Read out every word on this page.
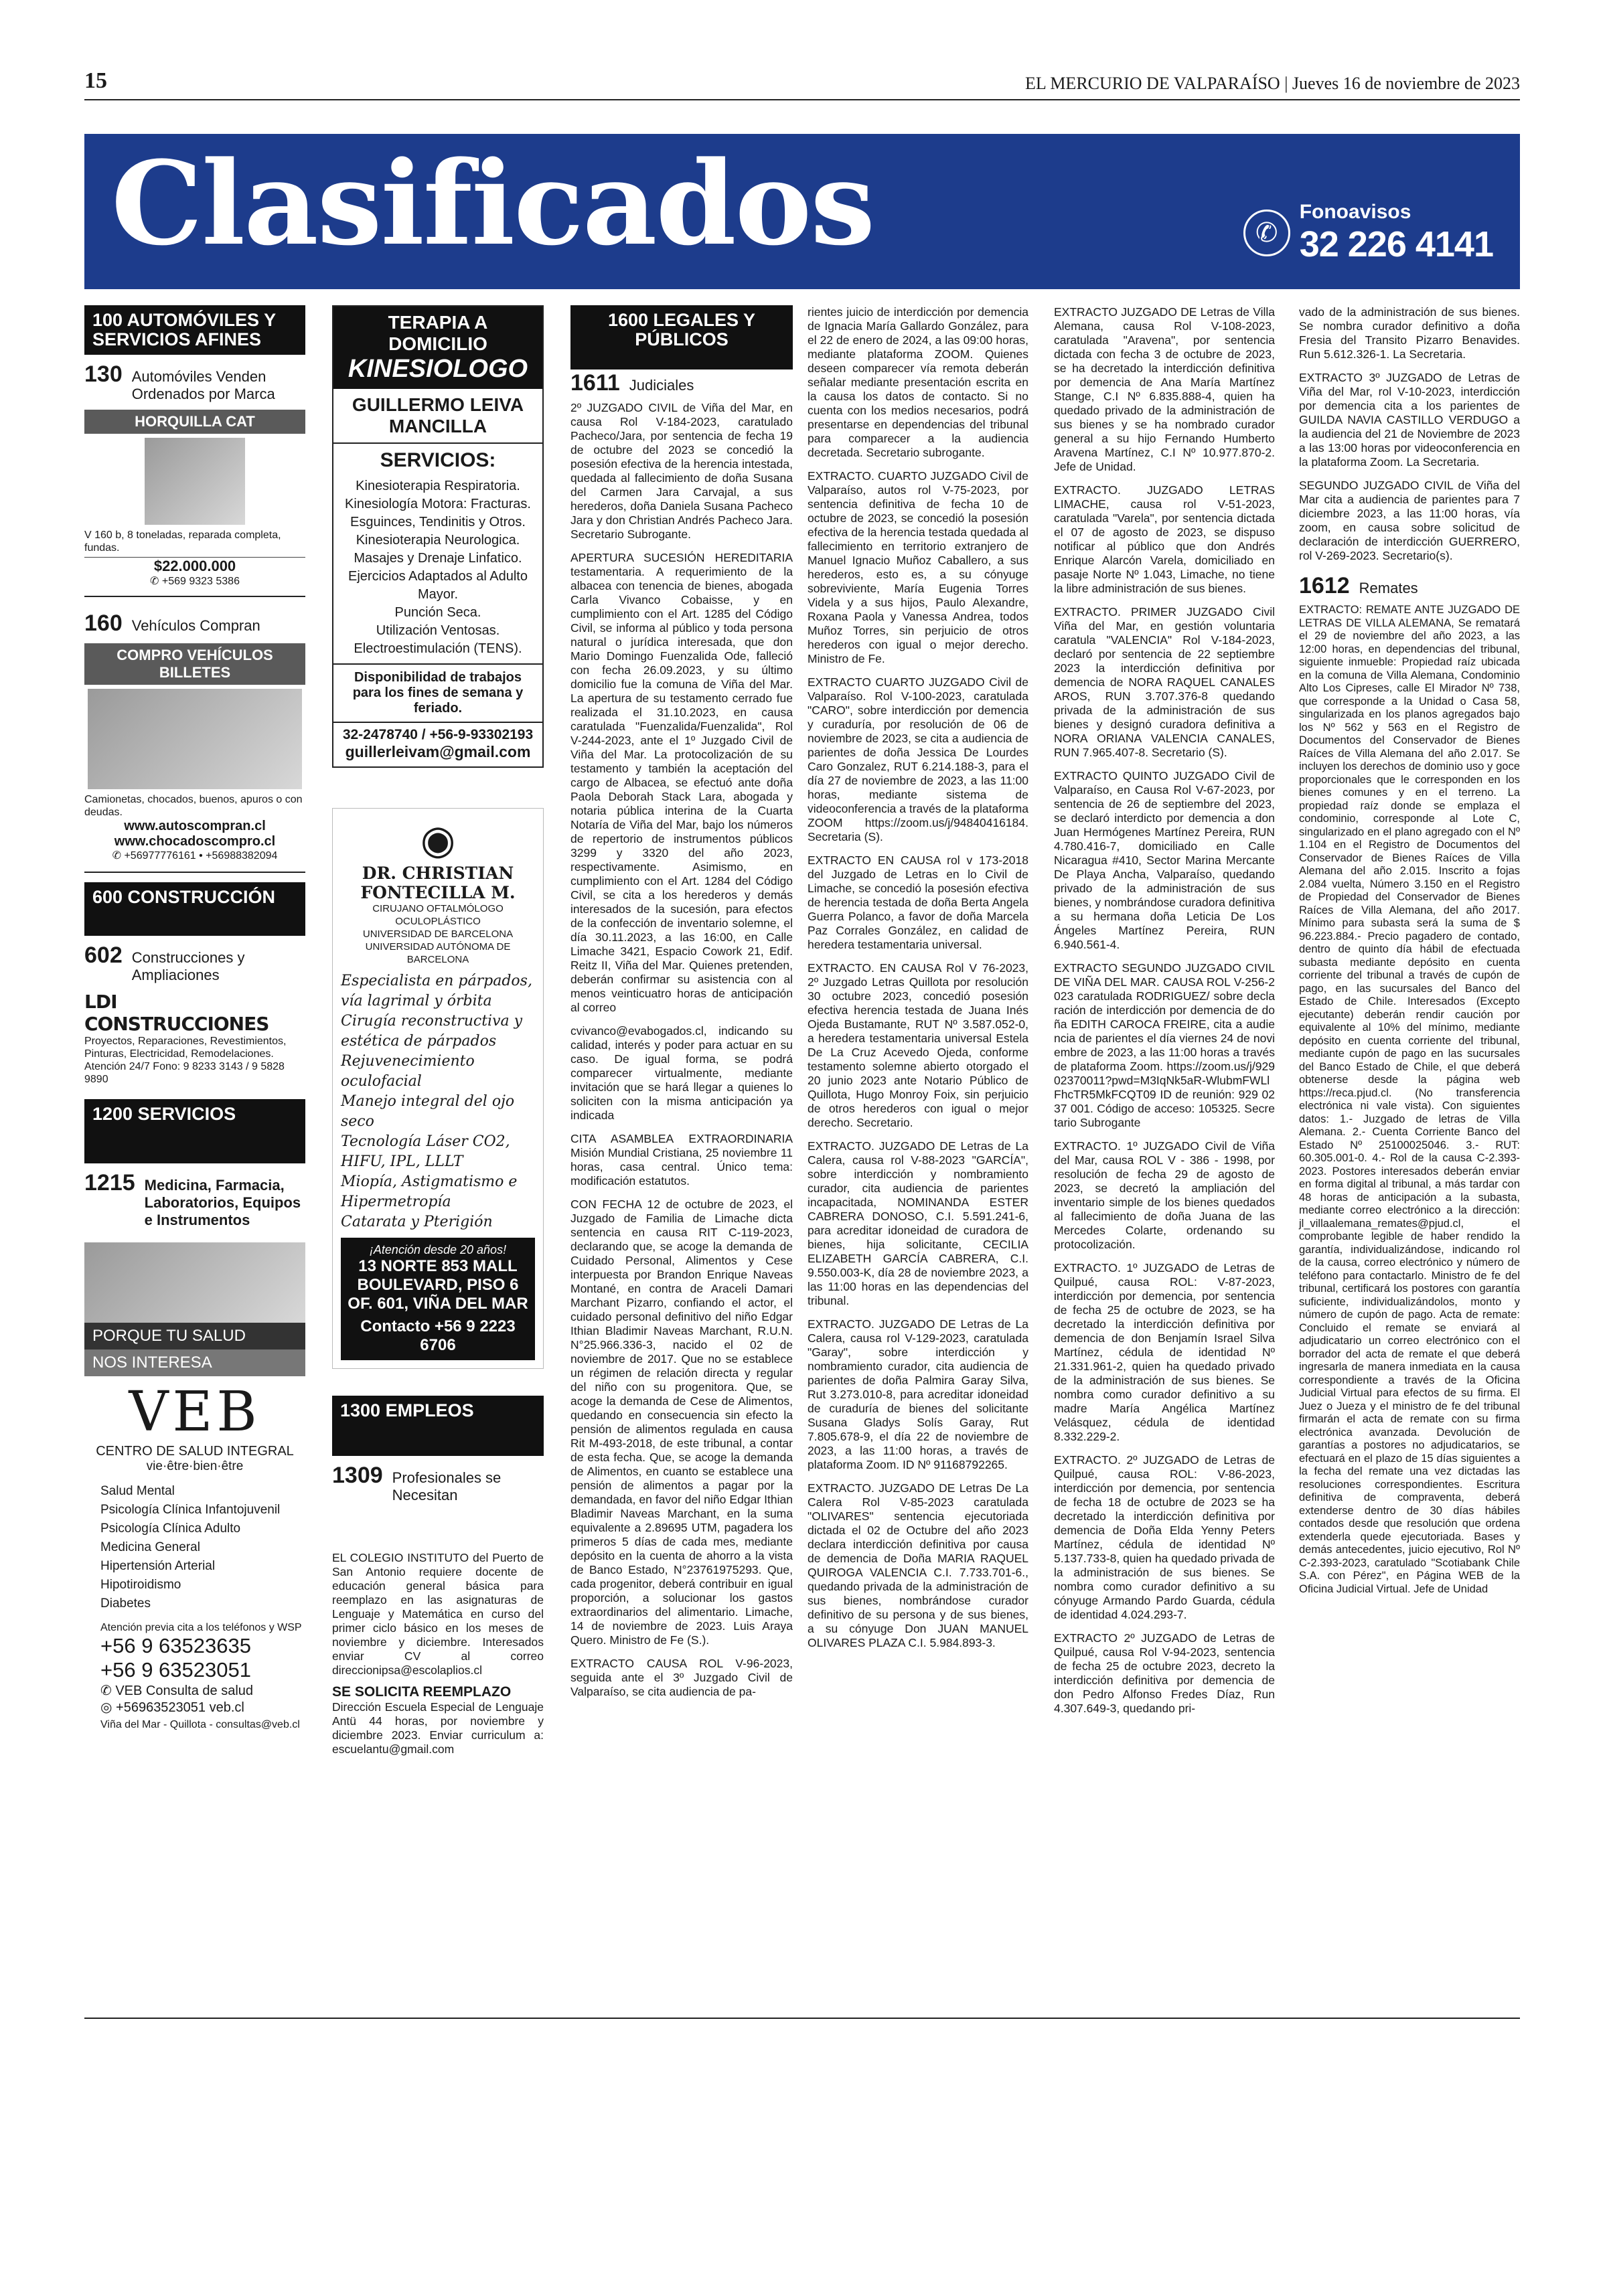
15	EL MERCURIO DE VALPARAÍSO | Jueves 16 de noviembre de 2023
Clasificados	✆
Fonoavisos
32 226 4141
100 AUTOMÓVILES Y SERVICIOS AFINES
130 Automóviles Venden Ordenados por Marca
HORQUILLA CAT
V 160 b, 8 toneladas, reparada completa, fundas.
$22.000.000
✆ +569 9323 5386
160 Vehículos Compran
COMPRO VEHÍCULOS BILLETES
Camionetas, chocados, buenos, apuros o con deudas.
www.autoscompran.cl
www.chocadoscompro.cl
✆ +56977776161 • +56988382094
600 CONSTRUCCIÓN
602 Construcciones y Ampliaciones
LDI CONSTRUCCIONES
Proyectos, Reparaciones, Revestimientos, Pinturas, Electricidad, Remodelaciones. Atención 24/7 Fono: 9 8233 3143 / 9 5828 9890
1200 SERVICIOS
1215 Medicina, Farmacia, Laboratorios, Equipos e Instrumentos
PORQUE TU SALUD
NOS INTERESA
VEB
CENTRO DE SALUD INTEGRAL
vie·être·bien·être
Salud Mental
Psicología Clínica Infantojuvenil
Psicología Clínica Adulto
Medicina General
Hipertensión Arterial
Hipotiroidismo
Diabetes
Atención previa cita a los teléfonos y WSP
+56 9 63523635
+56 9 63523051
✆ VEB Consulta de salud
◎ +56963523051 veb.cl
Viña del Mar - Quillota - consultas@veb.cl
TERAPIA A DOMICILIO
KINESIOLOGO
GUILLERMO LEIVA MANCILLA
SERVICIOS:
Kinesioterapia Respiratoria.
Kinesiología Motora: Fracturas.
Esguinces, Tendinitis y Otros.
Kinesioterapia Neurologica.
Masajes y Drenaje Linfatico.
Ejercicios Adaptados al Adulto Mayor.
Punción Seca.
Utilización Ventosas.
Electroestimulación (TENS).
Disponibilidad de trabajos para los fines de semana y feriado.
32-2478740 / +56-9-93302193
guillerleivam@gmail.com
◉
DR. CHRISTIAN FONTECILLA M.
CIRUJANO OFTALMÓLOGO OCULOPLÁSTICO
UNIVERSIDAD DE BARCELONA
UNIVERSIDAD AUTÓNOMA DE BARCELONA
Especialista en párpados, vía lagrimal y órbita
Cirugía reconstructiva y estética de párpados
Rejuvenecimiento oculofacial
Manejo integral del ojo seco
Tecnología Láser CO2, HIFU, IPL, LLLT
Miopía, Astigmatismo e Hipermetropía
Catarata y Pterigión
¡Atención desde 20 años!
13 NORTE 853 MALL BOULEVARD, PISO 6 OF. 601, VIÑA DEL MAR
Contacto +56 9 2223 6706
1300 EMPLEOS
1309 Profesionales se Necesitan
EL COLEGIO INSTITUTO del Puerto de San Antonio requiere docente de educación general básica para reemplazo en las asignaturas de Lenguaje y Matemática en curso del primer ciclo básico en los meses de noviembre y diciembre. Interesados enviar CV al correo direccionipsa@escolaplios.cl
SE SOLICITA REEMPLAZO
Dirección Escuela Especial de Lenguaje Antü 44 horas, por noviembre y diciembre 2023. Enviar curriculum a: escuelantu@gmail.com
1600 LEGALES Y PÚBLICOS
1611 Judiciales

2º JUZGADO CIVIL de Viña del Mar, en causa Rol V-184-2023, caratulado Pacheco/Jara, por sentencia de fecha 19 de octubre del 2023 se concedió la posesión efectiva de la herencia intestada, quedada al fallecimiento de doña Susana del Carmen Jara Carvajal, a sus herederos, doña Daniela Susana Pacheco Jara y don Christian Andrés Pacheco Jara. Secretario Subrogante.

APERTURA SUCESIÓN HEREDITARIA testamentaria. A requerimiento de la albacea con tenencia de bienes, abogada Carla Vivanco Cobaisse, y en cumplimiento con el Art. 1285 del Código Civil, se informa al público y toda persona natural o jurídica interesada, que don Mario Domingo Fuenzalida Ode, falleció con fecha 26.09.2023, y su último domicilio fue la comuna de Viña del Mar. La apertura de su testamento cerrado fue realizada el 31.10.2023, en causa caratulada "Fuenzalida/Fuenzalida", Rol V-244-2023, ante el 1º Juzgado Civil de Viña del Mar. La protocolización de su testamento y también la aceptación del cargo de Albacea, se efectuó ante doña Paola Deborah Stack Lara, abogada y notaria pública interina de la Cuarta Notaría de Viña del Mar, bajo los números de repertorio de instrumentos públicos 3299 y 3320 del año 2023, respectivamente. Asimismo, en cumplimiento con el Art. 1284 del Código Civil, se cita a los herederos y demás interesados de la sucesión, para efectos de la confección de inventario solemne, el día 30.11.2023, a las 16:00, en Calle Limache 3421, Espacio Cowork 21, Edif. Reitz II, Viña del Mar. Quienes pretenden, deberán confirmar su asistencia con al menos veinticuatro horas de anticipación al correo

cvivanco@evabogados.cl, indicando su calidad, interés y poder para actuar en su caso. De igual forma, se podrá comparecer virtualmente, mediante invitación que se hará llegar a quienes lo soliciten con la misma anticipación ya indicada

CITA ASAMBLEA EXTRAORDINARIA Misión Mundial Cristiana, 25 noviembre 11 horas, casa central. Único tema: modificación estatutos.

CON FECHA 12 de octubre de 2023, el Juzgado de Familia de Limache dicta sentencia en causa RIT C-119-2023, declarando que, se acoge la demanda de Cuidado Personal, Alimentos y Cese interpuesta por Brandon Enrique Naveas Montané, en contra de Araceli Damari Marchant Pizarro, confiando el actor, el cuidado personal definitivo del niño Edgar Ithian Bladimir Naveas Marchant, R.U.N. N°25.966.336-3, nacido el 02 de noviembre de 2017. Que no se establece un régimen de relación directa y regular del niño con su progenitora. Que, se acoge la demanda de Cese de Alimentos, quedando en consecuencia sin efecto la pensión de alimentos regulada en causa Rit M-493-2018, de este tribunal, a contar de esta fecha. Que, se acoge la demanda de Alimentos, en cuanto se establece una pensión de alimentos a pagar por la demandada, en favor del niño Edgar Ithian Bladimir Naveas Marchant, en la suma equivalente a 2.89695 UTM, pagadera los primeros 5 días de cada mes, mediante depósito en la cuenta de ahorro a la vista de Banco Estado, N°23761975293. Que, cada progenitor, deberá contribuir en igual proporción, a solucionar los gastos extraordinarios del alimentario. Limache, 14 de noviembre de 2023. Luis Araya Quero. Ministro de Fe (S.).

EXTRACTO CAUSA ROL V-96-2023, seguida ante el 3º Juzgado Civil de Valparaíso, se cita audiencia de pa-

rientes juicio de interdicción por demencia de Ignacia María Gallardo González, para el 22 de enero de 2024, a las 09:00 horas, mediante plataforma ZOOM. Quienes deseen comparecer vía remota deberán señalar mediante presentación escrita en la causa los datos de contacto. Si no cuenta con los medios necesarios, podrá presentarse en dependencias del tribunal para comparecer a la audiencia decretada. Secretario subrogante.

EXTRACTO. CUARTO JUZGADO Civil de Valparaíso, autos rol V-75-2023, por sentencia definitiva de fecha 10 de octubre de 2023, se concedió la posesión efectiva de la herencia testada quedada al fallecimiento en territorio extranjero de Manuel Ignacio Muñoz Caballero, a sus herederos, esto es, a su cónyuge sobreviviente, María Eugenia Torres Videla y a sus hijos, Paulo Alexandre, Roxana Paola y Vanessa Andrea, todos Muñoz Torres, sin perjuicio de otros herederos con igual o mejor derecho. Ministro de Fe.

EXTRACTO CUARTO JUZGADO Civil de Valparaíso. Rol V-100-2023, caratulada "CARO", sobre interdicción por demencia y curaduría, por resolución de 06 de noviembre de 2023, se cita a audiencia de parientes de doña Jessica De Lourdes Caro Gonzalez, RUT 6.214.188-3, para el día 27 de noviembre de 2023, a las 11:00 horas, mediante sistema de videoconferencia a través de la plataforma ZOOM https://zoom.us/j/94840416184. Secretaria (S).

EXTRACTO EN CAUSA rol v 173-2018 del Juzgado de Letras en lo Civil de Limache, se concedió la posesión efectiva de herencia testada de doña Berta Angela Guerra Polanco, a favor de doña Marcela Paz Corrales González, en calidad de heredera testamentaria universal.

EXTRACTO. EN CAUSA Rol V 76-2023, 2º Juzgado Letras Quillota por resolución 30 octubre 2023, concedió posesión efectiva herencia testada de Juana Inés Ojeda Bustamante, RUT Nº 3.587.052-0, a heredera testamentaria universal Estela De La Cruz Acevedo Ojeda, conforme testamento solemne abierto otorgado el 20 junio 2023 ante Notario Público de Quillota, Hugo Monroy Foix, sin perjuicio de otros herederos con igual o mejor derecho. Secretario.

EXTRACTO. JUZGADO DE Letras de La Calera, causa rol V-88-2023 "GARCÍA", sobre interdicción y nombramiento curador, cita audiencia de parientes incapacitada, NOMINANDA ESTER CABRERA DONOSO, C.I. 5.591.241-6, para acreditar idoneidad de curadora de bienes, hija solicitante, CECILIA ELIZABETH GARCÍA CABRERA, C.I. 9.550.003-K, día 28 de noviembre 2023, a las 11:00 horas en las dependencias del tribunal.

EXTRACTO. JUZGADO DE Letras de La Calera, causa rol V-129-2023, caratulada "Garay", sobre interdicción y nombramiento curador, cita audiencia de parientes de doña Palmira Garay Silva, Rut 3.273.010-8, para acreditar idoneidad de curaduría de bienes del solicitante Susana Gladys Solís Garay, Rut 7.805.678-9, el día 22 de noviembre de 2023, a las 11:00 horas, a través de plataforma Zoom. ID Nº 91168792265.

EXTRACTO. JUZGADO DE Letras De La Calera Rol V-85-2023 caratulada "OLIVARES" sentencia ejecutoriada dictada el 02 de Octubre del año 2023 declara interdicción definitiva por causa de demencia de Doña MARIA RAQUEL QUIROGA VALENCIA C.I. 7.733.701-6., quedando privada de la administración de sus bienes, nombrándose curador definitivo de su persona y de sus bienes, a su cónyuge Don JUAN MANUEL OLIVARES PLAZA C.I. 5.984.893-3.

EXTRACTO JUZGADO DE Letras de Villa Alemana, causa Rol V-108-2023, caratulada "Aravena", por sentencia dictada con fecha 3 de octubre de 2023, se ha decretado la interdicción definitiva por demencia de Ana María Martínez Stange, C.I Nº 6.835.888-4, quien ha quedado privado de la administración de sus bienes y se ha nombrado curador general a su hijo Fernando Humberto Aravena Martínez, C.I Nº 10.977.870-2. Jefe de Unidad.

EXTRACTO. JUZGADO LETRAS LIMACHE, causa rol V-51-2023, caratulada "Varela", por sentencia dictada el 07 de agosto de 2023, se dispuso notificar al público que don Andrés Enrique Alarcón Varela, domiciliado en pasaje Norte Nº 1.043, Limache, no tiene la libre administración de sus bienes.

EXTRACTO. PRIMER JUZGADO Civil Viña del Mar, en gestión voluntaria caratula "VALENCIA" Rol V-184-2023, declaró por sentencia de 22 septiembre 2023 la interdicción definitiva por demencia de NORA RAQUEL CANALES AROS, RUN 3.707.376-8 quedando privada de la administración de sus bienes y designó curadora definitiva a NORA ORIANA VALENCIA CANALES, RUN 7.965.407-8. Secretario (S).

EXTRACTO QUINTO JUZGADO Civil de Valparaíso, en Causa Rol V-67-2023, por sentencia de 26 de septiembre del 2023, se declaró interdicto por demencia a don Juan Hermógenes Martínez Pereira, RUN 4.780.416-7, domiciliado en Calle Nicaragua #410, Sector Marina Mercante De Playa Ancha, Valparaíso, quedando privado de la administración de sus bienes, y nombrándose curadora definitiva a su hermana doña Leticia De Los Ángeles Martínez Pereira, RUN 6.940.561-4.

EXTRACTO SEGUNDO JUZGADO CIVIL DE VIÑA DEL MAR. CAUSA ROL V-256-2023 caratulada RODRIGUEZ/ sobre declaración de interdicción por demencia de doña EDITH CAROCA FREIRE, cita a audiencia de parientes el día viernes 24 de noviembre de 2023, a las 11:00 horas a través de plataforma Zoom. https://zoom.us/j/92902370011?pwd=M3IqNk5aR-WlubmFWLlFhcTR5MkFCQT09 ID de reunión: 929 0237 001. Código de acceso: 105325. Secretario Subrogante

EXTRACTO. 1º JUZGADO Civil de Viña del Mar, causa ROL V - 386 - 1998, por resolución de fecha 29 de agosto de 2023, se decretó la ampliación del inventario simple de los bienes quedados al fallecimiento de doña Juana de las Mercedes Colarte, ordenando su protocolización.

EXTRACTO. 1º JUZGADO de Letras de Quilpué, causa ROL: V-87-2023, interdicción por demencia, por sentencia de fecha 25 de octubre de 2023, se ha decretado la interdicción definitiva por demencia de don Benjamín Israel Silva Martínez, cédula de identidad Nº 21.331.961-2, quien ha quedado privado de la administración de sus bienes. Se nombra como curador definitivo a su madre María Angélica Martínez Velásquez, cédula de identidad 8.332.229-2.

EXTRACTO. 2º JUZGADO de Letras de Quilpué, causa ROL: V-86-2023, interdicción por demencia, por sentencia de fecha 18 de octubre de 2023 se ha decretado la interdicción definitiva por demencia de Doña Elda Yenny Peters Martínez, cédula de identidad Nº 5.137.733-8, quien ha quedado privada de la administración de sus bienes. Se nombra como curador definitivo a su cónyuge Armando Pardo Guarda, cédula de identidad 4.024.293-7.

EXTRACTO 2º JUZGADO de Letras de Quilpué, causa Rol V-94-2023, sentencia de fecha 25 de octubre 2023, decreto la interdicción definitiva por demencia de don Pedro Alfonso Fredes Díaz, Run 4.307.649-3, quedando pri-

vado de la administración de sus bienes. Se nombra curador definitivo a doña Fresia del Transito Pizarro Benavides. Run 5.612.326-1. La Secretaria.

EXTRACTO 3º JUZGADO de Letras de Viña del Mar, rol V-10-2023, interdicción por demencia cita a los parientes de GUILDA NAVIA CASTILLO VERDUGO a la audiencia del 21 de Noviembre de 2023 a las 13:00 horas por videoconferencia en la plataforma Zoom. La Secretaria.

SEGUNDO JUZGADO CIVIL de Viña del Mar cita a audiencia de parientes para 7 diciembre 2023, a las 11:00 horas, vía zoom, en causa sobre solicitud de declaración de interdicción GUERRERO, rol V-269-2023. Secretario(s).

1612 Remates

EXTRACTO: REMATE ANTE JUZGADO DE LETRAS DE VILLA ALEMANA, Se rematará el 29 de noviembre del año 2023, a las 12:00 horas, en dependencias del tribunal, siguiente inmueble: Propiedad raíz ubicada en la comuna de Villa Alemana, Condominio Alto Los Cipreses, calle El Mirador Nº 738, que corresponde a la Unidad o Casa 58, singularizada en los planos agregados bajo los Nº 562 y 563 en el Registro de Documentos del Conservador de Bienes Raíces de Villa Alemana del año 2.017. Se incluyen los derechos de dominio uso y goce proporcionales que le corresponden en los bienes comunes y en el terreno. La propiedad raíz donde se emplaza el condominio, corresponde al Lote C, singularizado en el plano agregado con el Nº 1.104 en el Registro de Documentos del Conservador de Bienes Raíces de Villa Alemana del año 2.015. Inscrito a fojas 2.084 vuelta, Número 3.150 en el Registro de Propiedad del Conservador de Bienes Raíces de Villa Alemana, del año 2017. Mínimo para subasta será la suma de $ 96.223.884.- Precio pagadero de contado, dentro de quinto día hábil de efectuada subasta mediante depósito en cuenta corriente del tribunal a través de cupón de pago, en las sucursales del Banco del Estado de Chile. Interesados (Excepto ejecutante) deberán rendir caución por equivalente al 10% del mínimo, mediante depósito en cuenta corriente del tribunal, mediante cupón de pago en las sucursales del Banco Estado de Chile, el que deberá obtenerse desde la página web https://reca.pjud.cl. (No transferencia electrónica ni vale vista). Con siguientes datos: 1.- Juzgado de letras de Villa Alemana. 2.- Cuenta Corriente Banco del Estado Nº 25100025046. 3.- RUT: 60.305.001-0. 4.- Rol de la causa C-2.393-2023. Postores interesados deberán enviar en forma digital al tribunal, a más tardar con 48 horas de anticipación a la subasta, mediante correo electrónico a la dirección: jl_villaalemana_remates@pjud.cl, el comprobante legible de haber rendido la garantía, individualizándose, indicando rol de la causa, correo electrónico y número de teléfono para contactarlo. Ministro de fe del tribunal, certificará los postores con garantía suficiente, individualizándolos, monto y número de cupón de pago. Acta de remate: Concluido el remate se enviará al adjudicatario un correo electrónico con el borrador del acta de remate el que deberá ingresarla de manera inmediata en la causa correspondiente a través de la Oficina Judicial Virtual para efectos de su firma. El Juez o Jueza y el ministro de fe del tribunal firmarán el acta de remate con su firma electrónica avanzada. Devolución de garantías a postores no adjudicatarios, se efectuará en el plazo de 15 días siguientes a la fecha del remate una vez dictadas las resoluciones correspondientes. Escritura definitiva de compraventa, deberá extenderse dentro de 30 días hábiles contados desde que resolución que ordena extenderla quede ejecutoriada. Bases y demás antecedentes, juicio ejecutivo, Rol Nº C-2.393-2023, caratulado "Scotiabank Chile S.A. con Pérez", en Página WEB de la Oficina Judicial Virtual. Jefe de Unidad
